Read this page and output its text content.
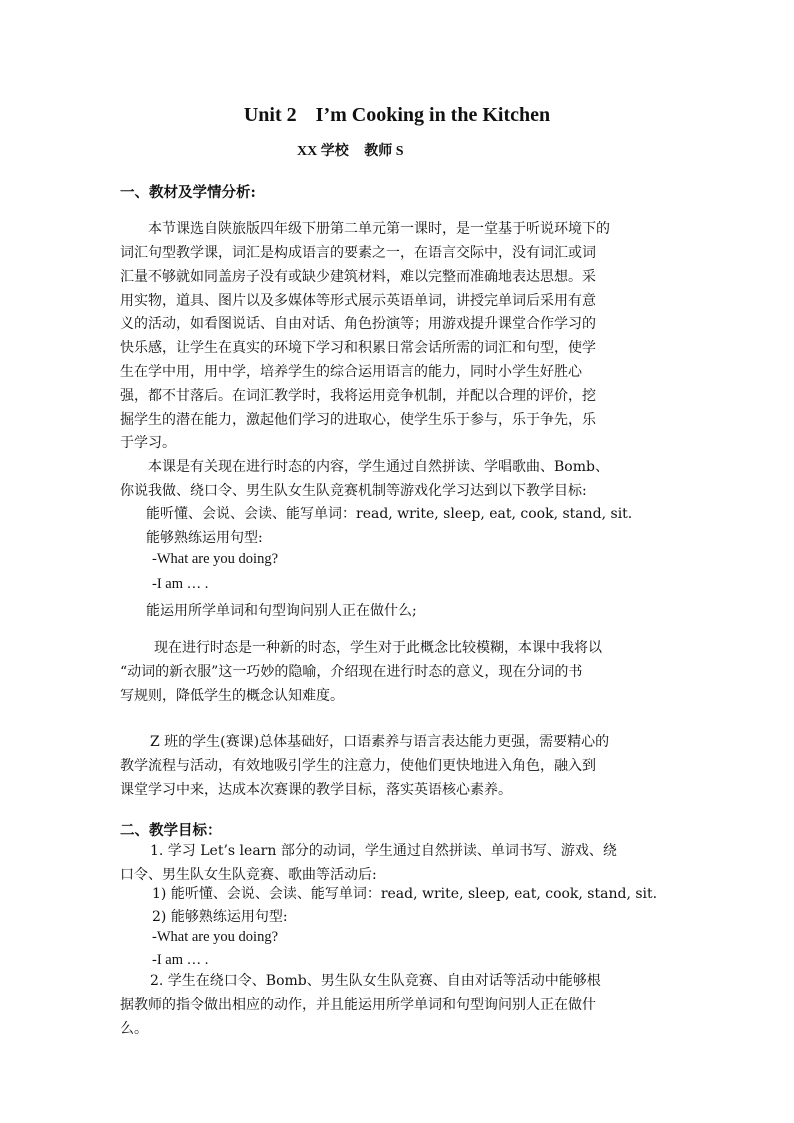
Unit 2 I’m Cooking in the Kitchen
XX 学校 教师 S
一、教材及学情分析:
本节课选自陕旅版四年级下册第二单元第一课时，是一堂基于听说环境下的
词汇句型教学课，词汇是构成语言的要素之一，在语言交际中，没有词汇或词
汇量不够就如同盖房子没有或缺少建筑材料，难以完整而准确地表达思想。采
用实物，道具、图片以及多媒体等形式展示英语单词，讲授完单词后采用有意
义的活动，如看图说话、自由对话、角色扮演等；用游戏提升课堂合作学习的
快乐感，让学生在真实的环境下学习和积累日常会话所需的词汇和句型，使学
生在学中用，用中学，培养学生的综合运用语言的能力，同时小学生好胜心
强，都不甘落后。在词汇教学时，我将运用竞争机制，并配以合理的评价，挖
掘学生的潜在能力，激起他们学习的进取心，使学生乐于参与，乐于争先，乐
于学习。
本课是有关现在进行时态的内容，学生通过自然拼读、学唱歌曲、Bomb、
你说我做、绕口令、男生队女生队竞赛机制等游戏化学习达到以下教学目标:
能听懂、会说、会读、能写单词：read, write, sleep, eat, cook, stand, sit.
能够熟练运用句型:
-What are you doing?
-I am … .
能运用所学单词和句型询问别人正在做什么;
现在进行时态是一种新的时态，学生对于此概念比较模糊，本课中我将以
“动词的新衣服”这一巧妙的隐喻，介绍现在进行时态的意义，现在分词的书
写规则，降低学生的概念认知难度。
Z 班的学生(赛课)总体基础好，口语素养与语言表达能力更强，需要精心的
教学流程与活动，有效地吸引学生的注意力，使他们更快地进入角色，融入到
课堂学习中来，达成本次赛课的教学目标，落实英语核心素养。
二、教学目标：
1. 学习 Let’s learn 部分的动词，学生通过自然拼读、单词书写、游戏、绕
口令、男生队女生队竞赛、歌曲等活动后:
1) 能听懂、会说、会读、能写单词：read, write, sleep, eat, cook, stand, sit.
2) 能够熟练运用句型:
-What are you doing?
-I am … .
2. 学生在绕口令、Bomb、男生队女生队竞赛、自由对话等活动中能够根
据教师的指令做出相应的动作，并且能运用所学单词和句型询问别人正在做什
么。
